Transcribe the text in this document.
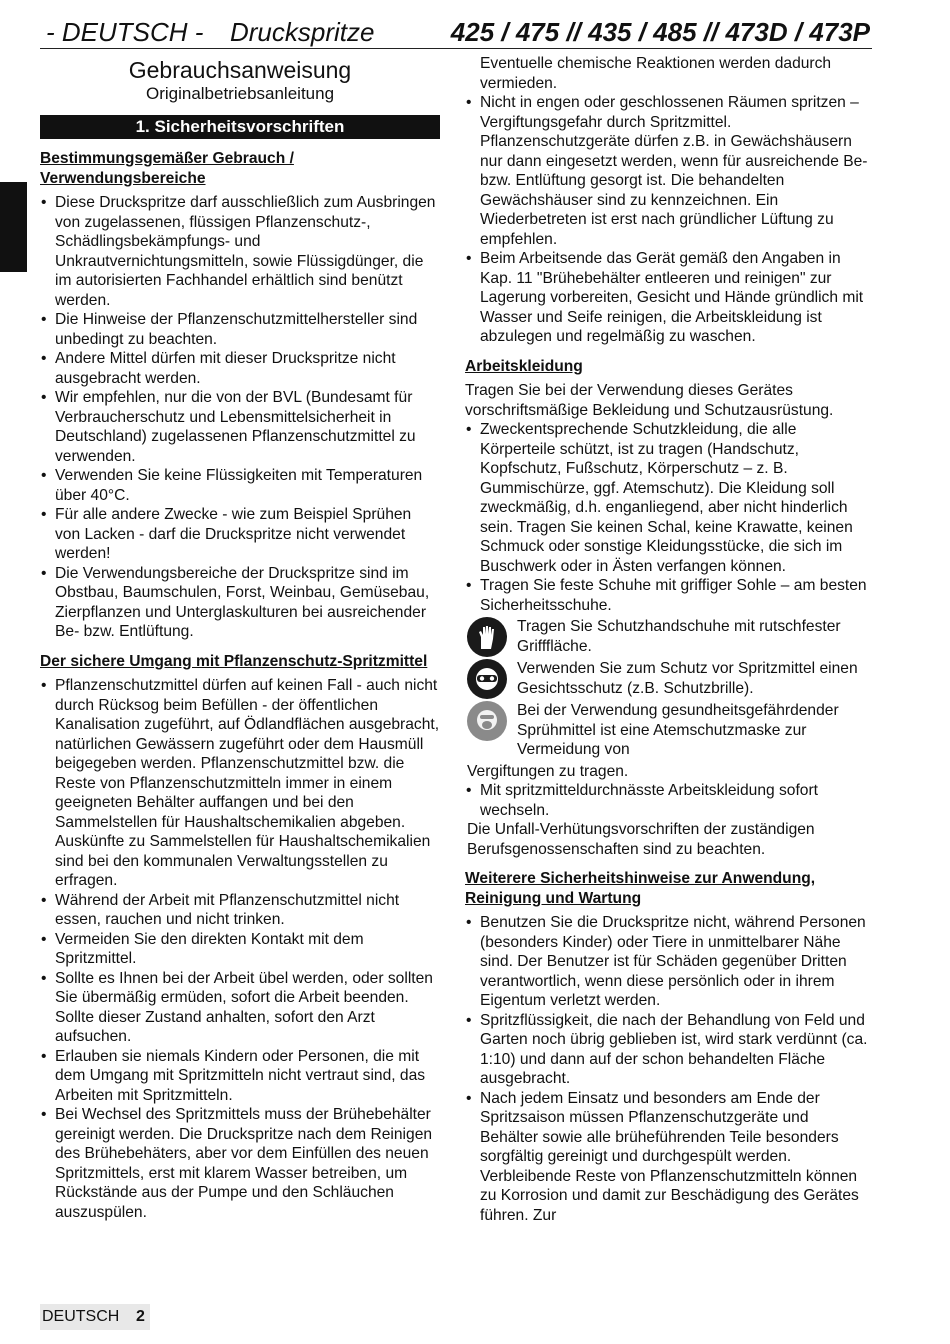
- DEUTSCH - Druckspritze	425 / 475 // 435 / 485 // 473D / 473P
Gebrauchsanweisung
Originalbetriebsanleitung
1. Sicherheitsvorschriften
Bestimmungsgemäßer Gebrauch / Verwendungsbereiche
• Diese Druckspritze darf ausschließlich zum Ausbringen von zugelassenen, flüssigen Pflanzenschutz-, Schädlingsbekämpfungs- und Unkrautvernichtungsmitteln, sowie Flüssigdünger, die im autorisierten Fachhandel erhältlich sind benützt werden.
• Die Hinweise der Pflanzenschutzmittelhersteller sind unbedingt zu beachten.
• Andere Mittel dürfen mit dieser Druckspritze nicht ausgebracht werden.
• Wir empfehlen, nur die von der BVL (Bundesamt für Verbraucherschutz und Lebensmittelsicherheit in Deutschland) zugelassenen Pflanzenschutzmittel zu verwenden.
• Verwenden Sie keine Flüssigkeiten mit Temperaturen über 40°C.
• Für alle andere Zwecke - wie zum Beispiel Sprühen von Lacken - darf die Druckspritze nicht verwendet werden!
• Die Verwendungsbereiche der Druckspritze sind im Obstbau, Baumschulen, Forst, Weinbau, Gemüsebau, Zierpflanzen und Unterglaskulturen bei ausreichender Be- bzw. Entlüftung.
Der sichere Umgang mit Pflanzenschutz-Spritzmittel
• Pflanzenschutzmittel dürfen auf keinen Fall - auch nicht durch Rücksog beim Befüllen - der öffentlichen Kanalisation zugeführt, auf Ödlandflächen ausgebracht, natürlichen Gewässern zugeführt oder dem Hausmüll beigegeben werden. Pflanzenschutzmittel bzw. die Reste von Pflanzenschutzmitteln immer in einem geeigneten Behälter auffangen und bei den Sammelstellen für Haushaltschemikalien abgeben. Auskünfte zu Sammelstellen für Haushaltschemikalien sind bei den kommunalen Verwaltungsstellen zu erfragen.
• Während der Arbeit mit Pflanzenschutzmittel nicht essen, rauchen und nicht trinken.
• Vermeiden Sie den direkten Kontakt mit dem Spritzmittel.
• Sollte es Ihnen bei der Arbeit übel werden, oder sollten Sie übermäßig ermüden, sofort die Arbeit beenden. Sollte dieser Zustand anhalten, sofort den Arzt aufsuchen.
• Erlauben sie niemals Kindern oder Personen, die mit dem Umgang mit Spritzmitteln nicht vertraut sind, das Arbeiten mit Spritzmitteln.
• Bei Wechsel des Spritzmittels muss der Brühebehälter gereinigt werden. Die Druckspritze nach dem Reinigen des Brühebehäters, aber vor dem Einfüllen des neuen Spritzmittels, erst mit klarem Wasser betreiben, um Rückstände aus der Pumpe und den Schläuchen auszuspülen.

Eventuelle chemische Reaktionen werden dadurch vermieden.

• Nicht in engen oder geschlossenen Räumen spritzen – Vergiftungsgefahr durch Spritzmittel. Pflanzenschutzgeräte dürfen z.B. in Gewächshäusern nur dann eingesetzt werden, wenn für ausreichende Be- bzw. Entlüftung gesorgt ist. Die behandelten Gewächshäuser sind zu kennzeichnen. Ein Wiederbetreten ist erst nach gründlicher Lüftung zu empfehlen.
• Beim Arbeitsende das Gerät gemäß den Angaben in Kap. 11 "Brühebehälter entleeren und reinigen" zur Lagerung vorbereiten, Gesicht und Hände gründlich mit Wasser und Seife reinigen, die Arbeitskleidung ist abzulegen und regelmäßig zu waschen.
Arbeitskleidung

Tragen Sie bei der Verwendung dieses Gerätes vorschriftsmäßige Bekleidung und Schutzausrüstung.

• Zweckentsprechende Schutzkleidung, die alle Körperteile schützt, ist zu tragen (Handschutz, Kopfschutz, Fußschutz, Körperschutz – z. B. Gummischürze, ggf. Atemschutz). Die Kleidung soll zweckmäßig, d.h. enganliegend, aber nicht hinderlich sein. Tragen Sie keinen Schal, keine Krawatte, keinen Schmuck oder sonstige Kleidungsstücke, die sich im Buschwerk oder in Ästen verfangen können.
• Tragen Sie feste Schuhe mit griffiger Sohle – am besten Sicherheitsschuhe.
Tragen Sie Schutzhandschuhe mit rutschfester Grifffläche.
Verwenden Sie zum Schutz vor Spritzmittel einen Gesichtsschutz (z.B. Schutzbrille).
Bei der Verwendung gesundheitsgefährdender Sprühmittel ist eine Atemschutzmaske zur Vermeidung von

Vergiftungen zu tragen.

• Mit spritzmitteldurchnässte Arbeitskleidung sofort wechseln.

Die Unfall-Verhütungsvorschriften der zuständigen Berufsgenossenschaften sind zu beachten.

Weiterere Sicherheitshinweise zur Anwendung, Reinigung und Wartung
• Benutzen Sie die Druckspritze nicht, während Personen (besonders Kinder) oder Tiere in unmittelbarer Nähe sind. Der Benutzer ist für Schäden gegenüber Dritten verantwortlich, wenn diese persönlich oder in ihrem Eigentum verletzt werden.
• Spritzflüssigkeit, die nach der Behandlung von Feld und Garten noch übrig geblieben ist, wird stark verdünnt (ca. 1:10) und dann auf der schon behandelten Fläche ausgebracht.
• Nach jedem Einsatz und besonders am Ende der Spritzsaison müssen Pflanzenschutzgeräte und Behälter sowie alle brüheführenden Teile besonders sorgfältig gereinigt und durchgespült werden. Verbleibende Reste von Pflanzenschutzmitteln können zu Korrosion und damit zur Beschädigung des Gerätes führen. Zur
DEUTSCH 2
